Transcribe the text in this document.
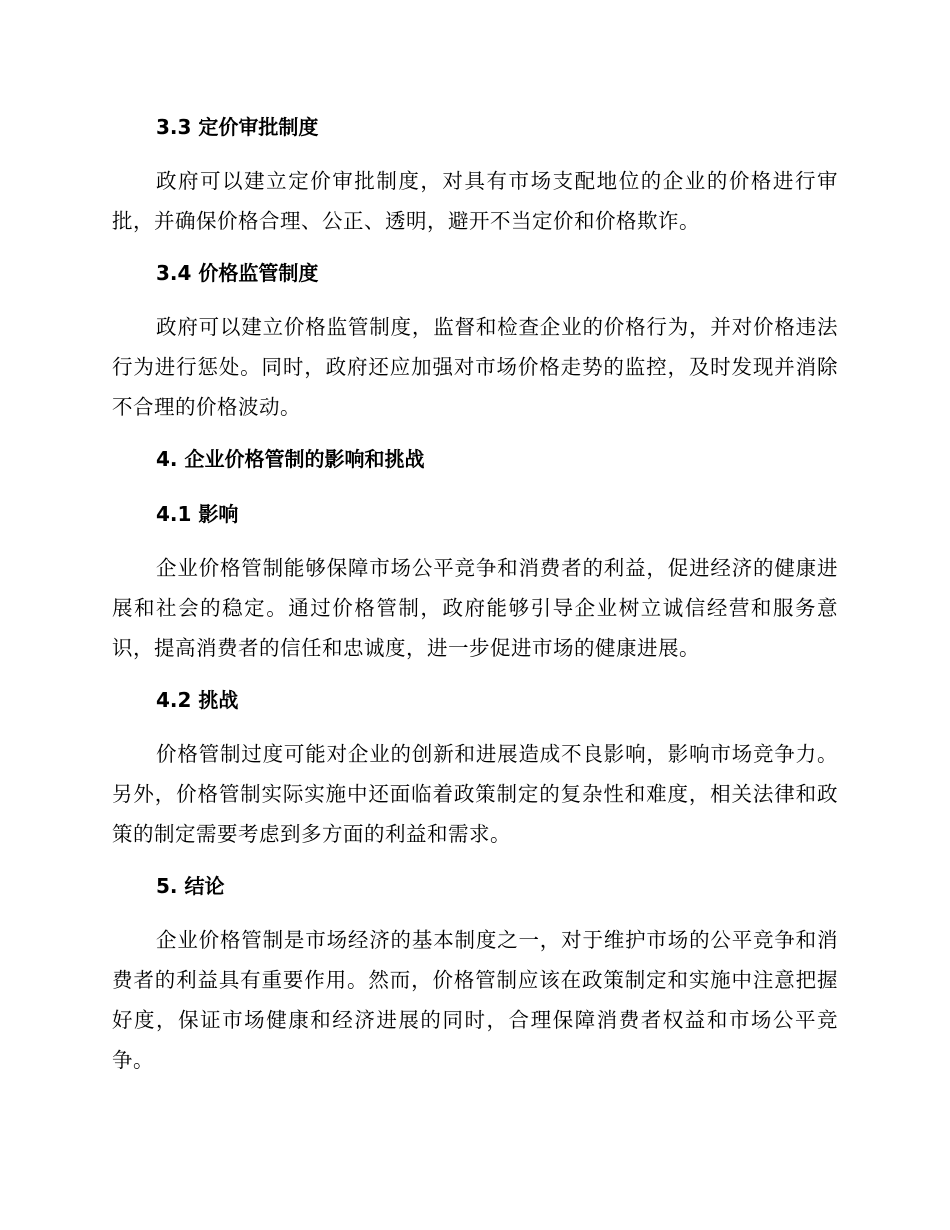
3.3 定价审批制度

政府可以建立定价审批制度，对具有市场支配地位的企业的价格进行审批，并确保价格合理、公正、透明，避开不当定价和价格欺诈。

3.4 价格监管制度

政府可以建立价格监管制度，监督和检查企业的价格行为，并对价格违法行为进行惩处。同时，政府还应加强对市场价格走势的监控，及时发现并消除不合理的价格波动。

4. 企业价格管制的影响和挑战
4.1 影响

企业价格管制能够保障市场公平竞争和消费者的利益，促进经济的健康进展和社会的稳定。通过价格管制，政府能够引导企业树立诚信经营和服务意识，提高消费者的信任和忠诚度，进一步促进市场的健康进展。

4.2 挑战

价格管制过度可能对企业的创新和进展造成不良影响，影响市场竞争力。另外，价格管制实际实施中还面临着政策制定的复杂性和难度，相关法律和政策的制定需要考虑到多方面的利益和需求。

5. 结论

企业价格管制是市场经济的基本制度之一，对于维护市场的公平竞争和消费者的利益具有重要作用。然而，价格管制应该在政策制定和实施中注意把握好度，保证市场健康和经济进展的同时，合理保障消费者权益和市场公平竞争。
